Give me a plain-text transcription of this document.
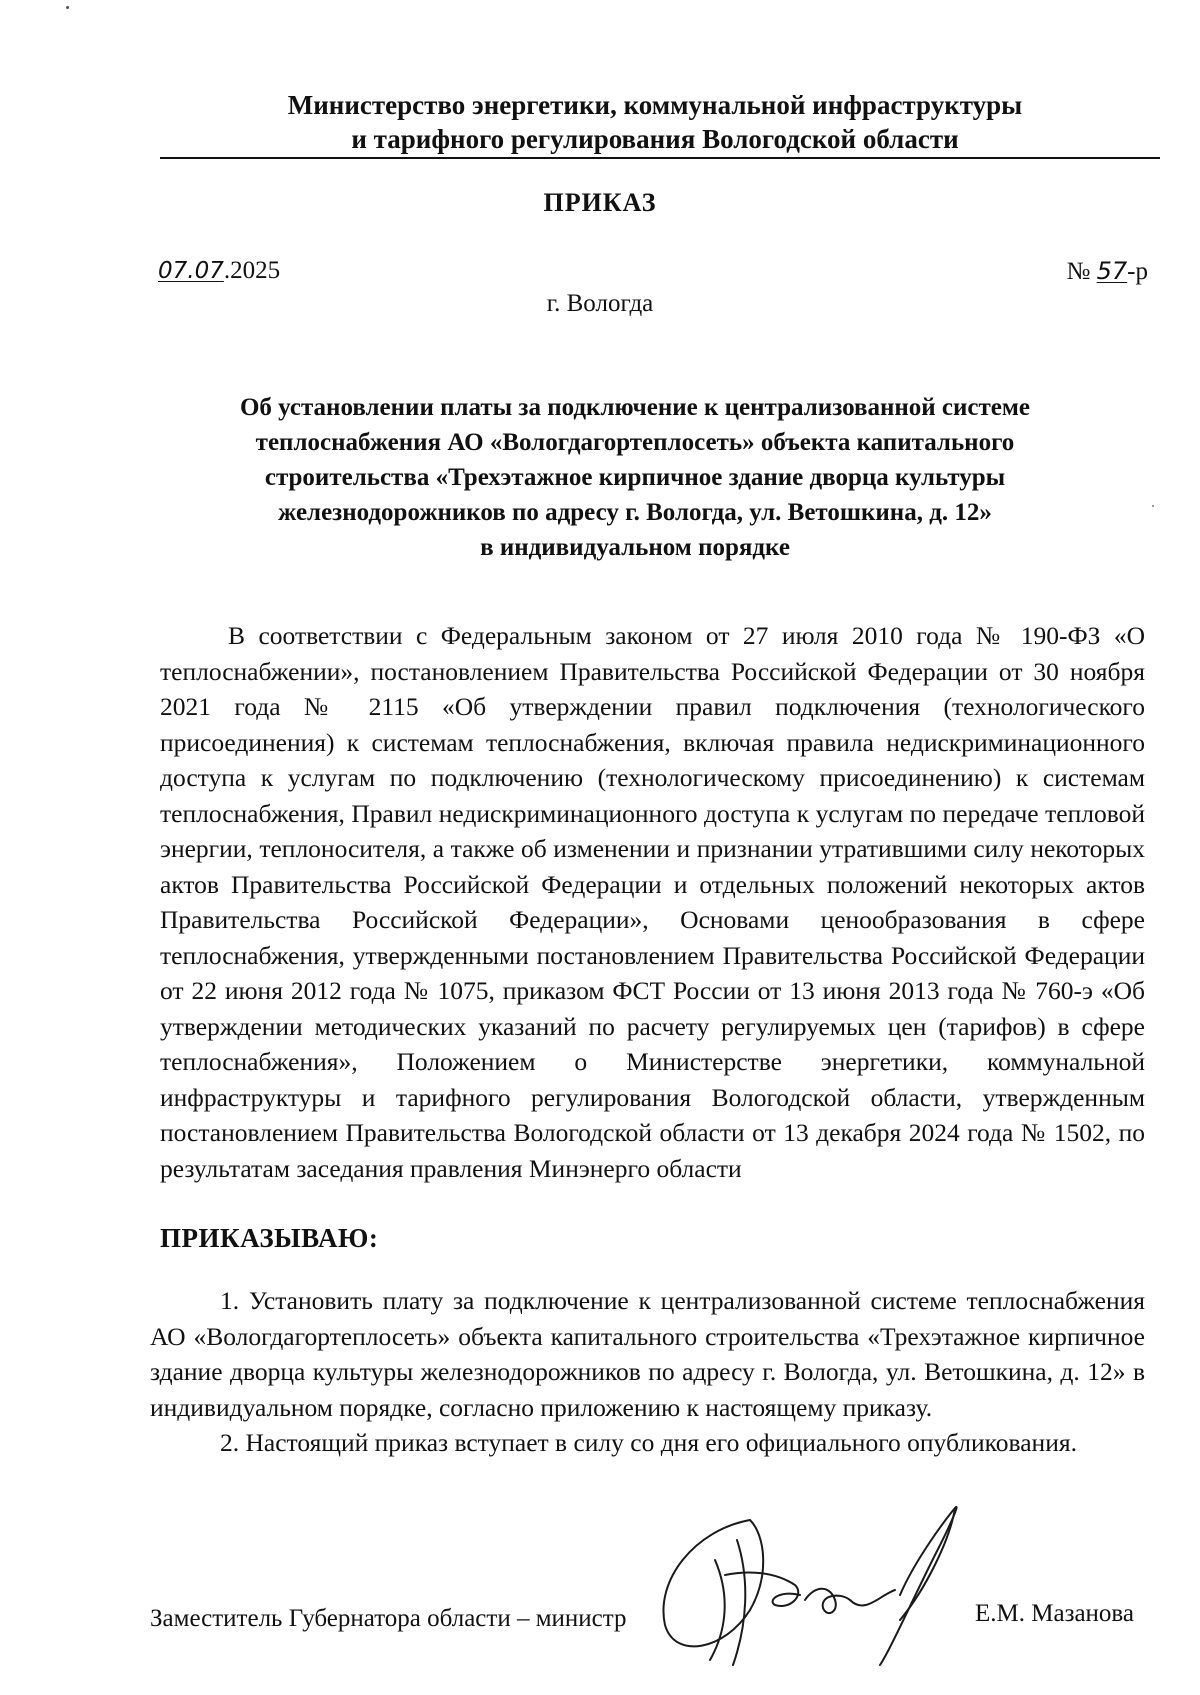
Министерство энергетики, коммунальной инфраструктуры
и тарифного регулирования Вологодской области
ПРИКАЗ
07.07.2025	№ 57-р
г. Вологда
Об установлении платы за подключение к централизованной системе
теплоснабжения АО «Вологдагортеплосеть» объекта капитального
строительства «Трехэтажное кирпичное здание дворца культуры
железнодорожников по адресу г. Вологда, ул. Ветошкина, д. 12»
в индивидуальном порядке

В соответствии с Федеральным законом от 27 июля 2010 года № 190-ФЗ «О теплоснабжении», постановлением Правительства Российской Федерации от 30 ноября 2021 года № 2115 «Об утверждении правил подключения (технологического присоединения) к системам теплоснабжения, включая правила недискриминационного доступа к услугам по подключению (технологическому присоединению) к системам теплоснабжения, Правил недискриминационного доступа к услугам по передаче тепловой энергии, теплоносителя, а также об изменении и признании утратившими силу некоторых актов Правительства Российской Федерации и отдельных положений некоторых актов Правительства Российской Федерации», Основами ценообразования в сфере теплоснабжения, утвержденными постановлением Правительства Российской Федерации от 22 июня 2012 года № 1075, приказом ФСТ России от 13 июня 2013 года № 760-э «Об утверждении методических указаний по расчету регулируемых цен (тарифов) в сфере теплоснабжения», Положением о Министерстве энергетики, коммунальной инфраструктуры и тарифного регулирования Вологодской области, утвержденным постановлением Правительства Вологодской области от 13 декабря 2024 года № 1502, по результатам заседания правления Минэнерго области

ПРИКАЗЫВАЮ:

1. Установить плату за подключение к централизованной системе теплоснабжения АО «Вологдагортеплосеть» объекта капитального строительства «Трехэтажное кирпичное здание дворца культуры железнодорожников по адресу г. Вологда, ул. Ветошкина, д. 12» в индивидуальном порядке, согласно приложению к настоящему приказу.

2. Настоящий приказ вступает в силу со дня его официального опубликования.

Заместитель Губернатора области – министр	Е.М. Мазанова
